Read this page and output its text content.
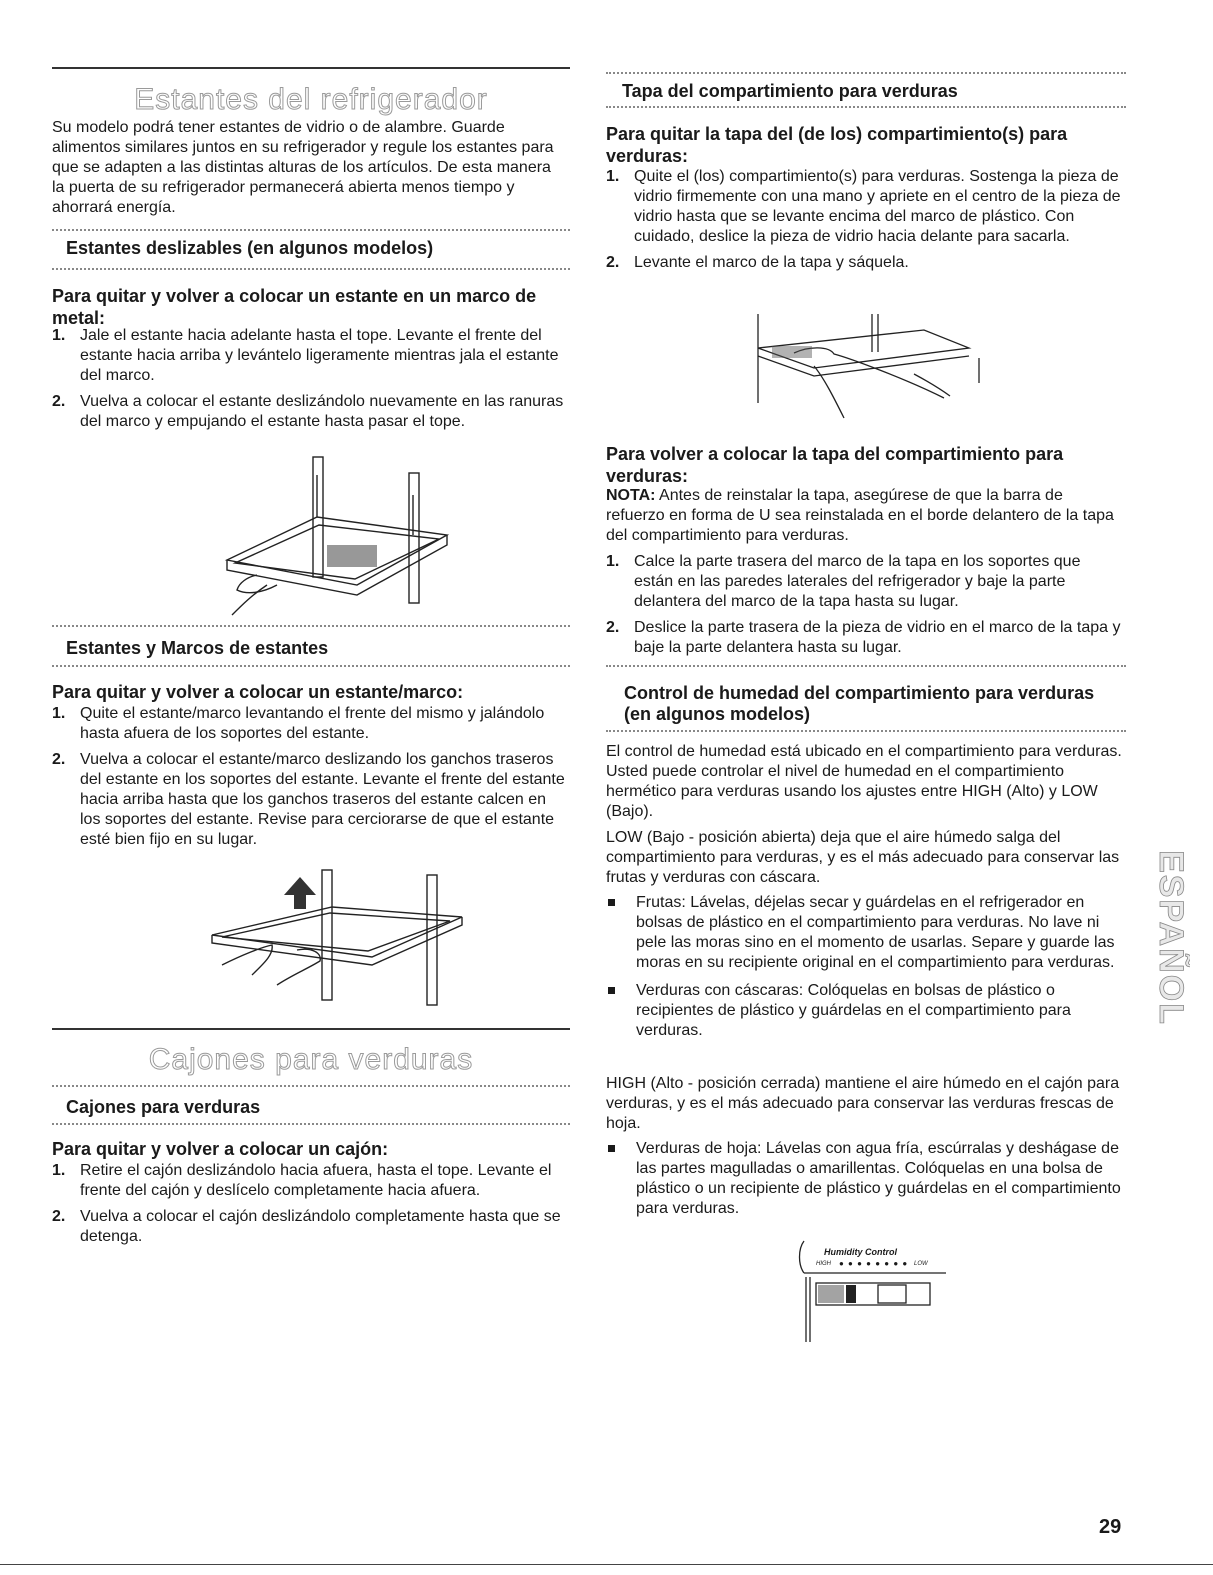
Estantes del refrigerador

Su modelo podrá tener estantes de vidrio o de alambre. Guarde alimentos similares juntos en su refrigerador y regule los estantes para que se adapten a las distintas alturas de los artículos. De esta manera la puerta de su refrigerador permanecerá abierta menos tiempo y ahorrará energía.

Estantes deslizables (en algunos modelos)

Para quitar y volver a colocar un estante en un marco de metal:

1. Jale el estante hacia adelante hasta el tope. Levante el frente del estante hacia arriba y levántelo ligeramente mientras jala el estante del marco.
2. Vuelva a colocar el estante deslizándolo nuevamente en las ranuras del marco y empujando el estante hasta pasar el tope.
Estantes y Marcos de estantes

Para quitar y volver a colocar un estante/marco:

1. Quite el estante/marco levantando el frente del mismo y jalándolo hasta afuera de los soportes del estante.
2. Vuelva a colocar el estante/marco deslizando los ganchos traseros del estante en los soportes del estante. Levante el frente del estante hacia arriba hasta que los ganchos traseros del estante calcen en los soportes del estante. Revise para cerciorarse de que el estante esté bien fijo en su lugar.
Cajones para verduras
Cajones para verduras

Para quitar y volver a colocar un cajón:

1. Retire el cajón deslizándolo hacia afuera, hasta el tope. Levante el frente del cajón y deslícelo completamente hacia afuera.
2. Vuelva a colocar el cajón deslizándolo completamente hasta que se detenga.
Tapa del compartimiento para verduras

Para quitar la tapa del (de los) compartimiento(s) para verduras:

1. Quite el (los) compartimiento(s) para verduras. Sostenga la pieza de vidrio firmemente con una mano y apriete en el centro de la pieza de vidrio hasta que se levante encima del marco de plástico. Con cuidado, deslice la pieza de vidrio hacia delante para sacarla.
2. Levante el marco de la tapa y sáquela.

Para volver a colocar la tapa del compartimiento para verduras:

NOTA: Antes de reinstalar la tapa, asegúrese de que la barra de refuerzo en forma de U sea reinstalada en el borde delantero de la tapa del compartimiento para verduras.

1. Calce la parte trasera del marco de la tapa en los soportes que están en las paredes laterales del refrigerador y baje la parte delantera del marco de la tapa hasta su lugar.
2. Deslice la parte trasera de la pieza de vidrio en el marco de la tapa y baje la parte delantera hasta su lugar.
Control de humedad del compartimiento para verduras (en algunos modelos)

El control de humedad está ubicado en el compartimiento para verduras. Usted puede controlar el nivel de humedad en el compartimiento hermético para verduras usando los ajustes entre HIGH (Alto) y LOW (Bajo).

LOW (Bajo - posición abierta) deja que el aire húmedo salga del compartimiento para verduras, y es el más adecuado para conservar las frutas y verduras con cáscara.

Frutas: Lávelas, déjelas secar y guárdelas en el refrigerador en bolsas de plástico en el compartimiento para verduras. No lave ni pele las moras sino en el momento de usarlas. Separe y guarde las moras en su recipiente original en el compartimiento para verduras.
Verduras con cáscaras: Colóquelas en bolsas de plástico o recipientes de plástico y guárdelas en el compartimiento para verduras.

HIGH (Alto - posición cerrada) mantiene el aire húmedo en el cajón para verduras, y es el más adecuado para conservar las verduras frescas de hoja.

Verduras de hoja: Lávelas con agua fría, escúrralas y deshágase de las partes magulladas o amarillentas. Colóquelas en una bolsa de plástico o un recipiente de plástico y guárdelas en el compartimiento para verduras.
Humidity Control
HIGH ● ● ● ● ● ● ● ● LOW
ESPAÑOL
29
